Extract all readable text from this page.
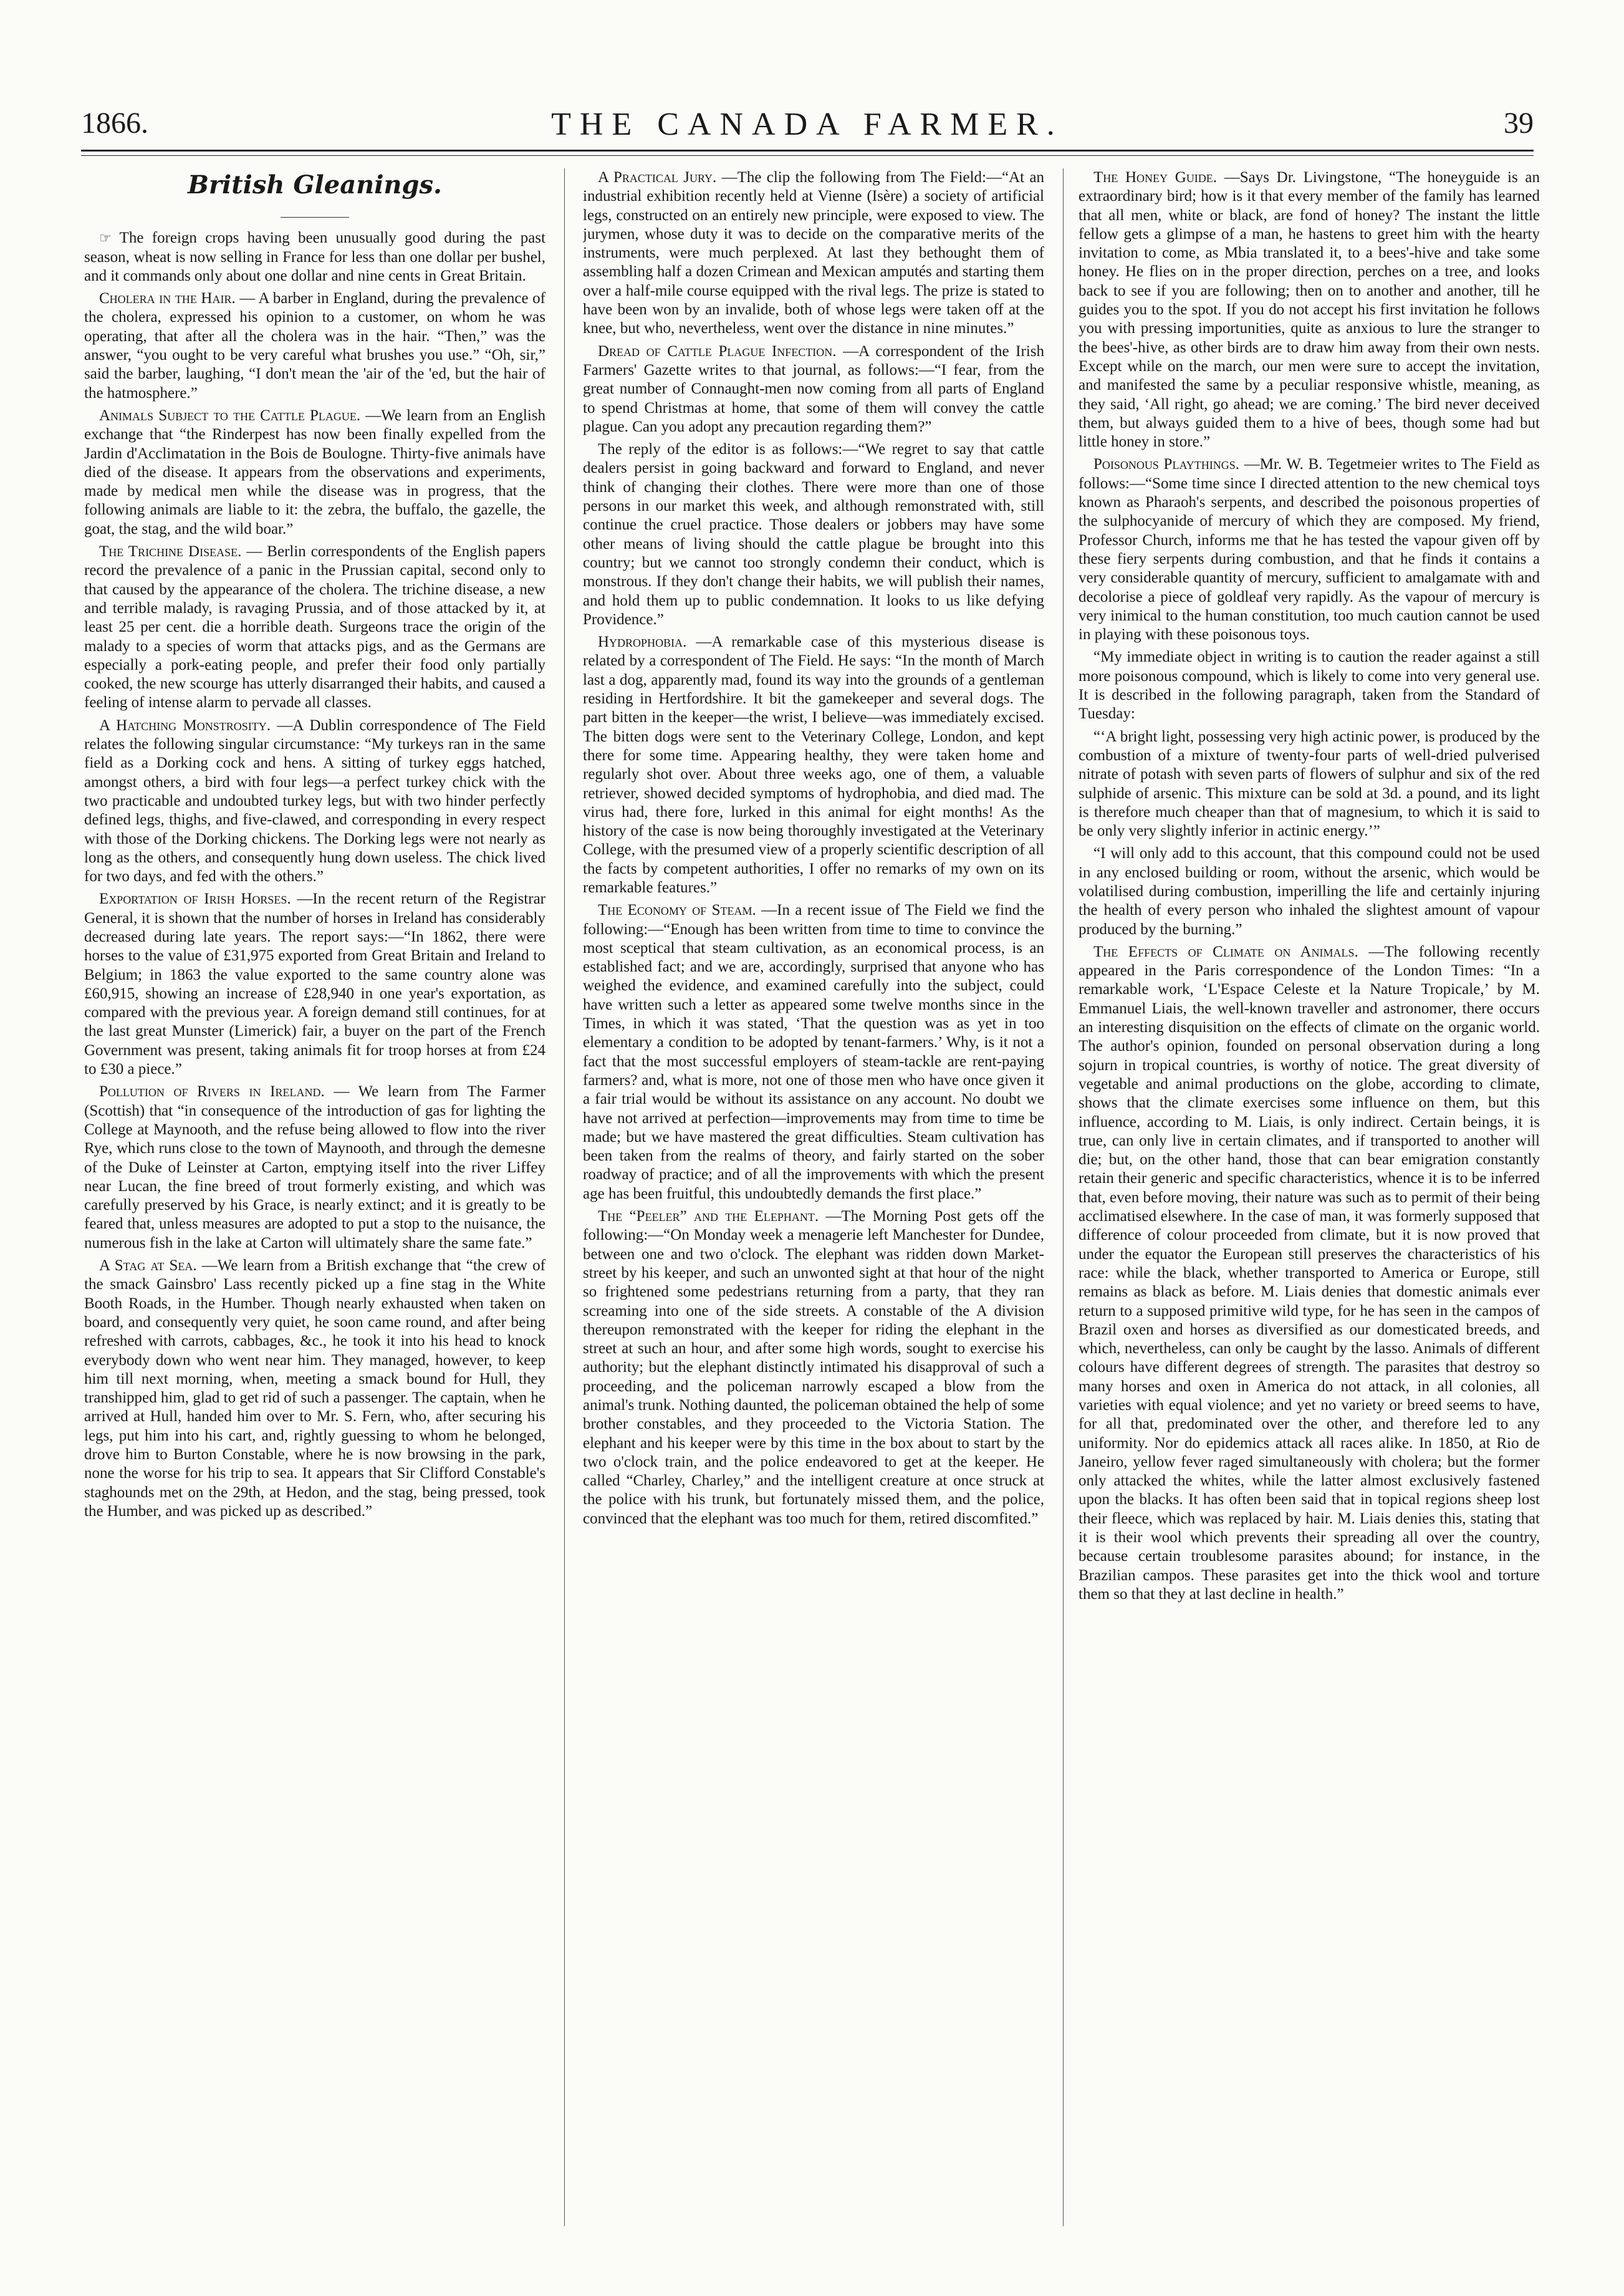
1866.	THE CANADA FARMER.	39
British Gleanings.

☞ The foreign crops having been unusually good during the past season, wheat is now selling in France for less than one dollar per bushel, and it commands only about one dollar and nine cents in Great Britain.

Cholera in the Hair. — A barber in England, during the prevalence of the cholera, expressed his opinion to a customer, on whom he was operating, that after all the cholera was in the hair. “Then,” was the answer, “you ought to be very careful what brushes you use.” “Oh, sir,” said the barber, laughing, “I don't mean the 'air of the 'ed, but the hair of the hatmosphere.”

Animals Subject to the Cattle Plague. —We learn from an English exchange that “the Rinderpest has now been finally expelled from the Jardin d'Acclimatation in the Bois de Boulogne. Thirty-five animals have died of the disease. It appears from the observations and experiments, made by medical men while the disease was in progress, that the following animals are liable to it: the zebra, the buffalo, the gazelle, the goat, the stag, and the wild boar.”

The Trichine Disease. — Berlin correspondents of the English papers record the prevalence of a panic in the Prussian capital, second only to that caused by the appearance of the cholera. The trichine disease, a new and terrible malady, is ravaging Prussia, and of those attacked by it, at least 25 per cent. die a horrible death. Surgeons trace the origin of the malady to a species of worm that attacks pigs, and as the Germans are especially a pork-eating people, and prefer their food only partially cooked, the new scourge has utterly disarranged their habits, and caused a feeling of intense alarm to pervade all classes.

A Hatching Monstrosity. —A Dublin correspondence of The Field relates the following singular circumstance: “My turkeys ran in the same field as a Dorking cock and hens. A sitting of turkey eggs hatched, amongst others, a bird with four legs—a perfect turkey chick with the two practicable and undoubted turkey legs, but with two hinder perfectly defined legs, thighs, and five-clawed, and corresponding in every respect with those of the Dorking chickens. The Dorking legs were not nearly as long as the others, and consequently hung down useless. The chick lived for two days, and fed with the others.”

Exportation of Irish Horses. —In the recent return of the Registrar General, it is shown that the number of horses in Ireland has considerably decreased during late years. The report says:—“In 1862, there were horses to the value of £31,975 exported from Great Britain and Ireland to Belgium; in 1863 the value exported to the same country alone was £60,915, showing an increase of £28,940 in one year's exportation, as compared with the previous year. A foreign demand still continues, for at the last great Munster (Limerick) fair, a buyer on the part of the French Government was present, taking animals fit for troop horses at from £24 to £30 a piece.”

Pollution of Rivers in Ireland. — We learn from The Farmer (Scottish) that “in consequence of the introduction of gas for lighting the College at Maynooth, and the refuse being allowed to flow into the river Rye, which runs close to the town of Maynooth, and through the demesne of the Duke of Leinster at Carton, emptying itself into the river Liffey near Lucan, the fine breed of trout formerly existing, and which was carefully preserved by his Grace, is nearly extinct; and it is greatly to be feared that, unless measures are adopted to put a stop to the nuisance, the numerous fish in the lake at Carton will ultimately share the same fate.”

A Stag at Sea. —We learn from a British exchange that “the crew of the smack Gainsbro' Lass recently picked up a fine stag in the White Booth Roads, in the Humber. Though nearly exhausted when taken on board, and consequently very quiet, he soon came round, and after being refreshed with carrots, cabbages, &c., he took it into his head to knock everybody down who went near him. They managed, however, to keep him till next morning, when, meeting a smack bound for Hull, they transhipped him, glad to get rid of such a passenger. The captain, when he arrived at Hull, handed him over to Mr. S. Fern, who, after securing his legs, put him into his cart, and, rightly guessing to whom he belonged, drove him to Burton Constable, where he is now browsing in the park, none the worse for his trip to sea. It appears that Sir Clifford Constable's staghounds met on the 29th, at Hedon, and the stag, being pressed, took the Humber, and was picked up as described.”

A Practical Jury. —The clip the following from The Field:—“At an industrial exhibition recently held at Vienne (Isère) a society of artificial legs, constructed on an entirely new principle, were exposed to view. The jurymen, whose duty it was to decide on the comparative merits of the instruments, were much perplexed. At last they bethought them of assembling half a dozen Crimean and Mexican amputés and starting them over a half-mile course equipped with the rival legs. The prize is stated to have been won by an invalide, both of whose legs were taken off at the knee, but who, nevertheless, went over the distance in nine minutes.”

Dread of Cattle Plague Infection. —A correspondent of the Irish Farmers' Gazette writes to that journal, as follows:—“I fear, from the great number of Connaught-men now coming from all parts of England to spend Christmas at home, that some of them will convey the cattle plague. Can you adopt any precaution regarding them?”

The reply of the editor is as follows:—“We regret to say that cattle dealers persist in going backward and forward to England, and never think of changing their clothes. There were more than one of those persons in our market this week, and although remonstrated with, still continue the cruel practice. Those dealers or jobbers may have some other means of living should the cattle plague be brought into this country; but we cannot too strongly condemn their conduct, which is monstrous. If they don't change their habits, we will publish their names, and hold them up to public condemnation. It looks to us like defying Providence.”

Hydrophobia. —A remarkable case of this mysterious disease is related by a correspondent of The Field. He says: “In the month of March last a dog, apparently mad, found its way into the grounds of a gentleman residing in Hertfordshire. It bit the gamekeeper and several dogs. The part bitten in the keeper—the wrist, I believe—was immediately excised. The bitten dogs were sent to the Veterinary College, London, and kept there for some time. Appearing healthy, they were taken home and regularly shot over. About three weeks ago, one of them, a valuable retriever, showed decided symptoms of hydrophobia, and died mad. The virus had, there fore, lurked in this animal for eight months! As the history of the case is now being thoroughly investigated at the Veterinary College, with the presumed view of a properly scientific description of all the facts by competent authorities, I offer no remarks of my own on its remarkable features.”

The Economy of Steam. —In a recent issue of The Field we find the following:—“Enough has been written from time to time to convince the most sceptical that steam cultivation, as an economical process, is an established fact; and we are, accordingly, surprised that anyone who has weighed the evidence, and examined carefully into the subject, could have written such a letter as appeared some twelve months since in the Times, in which it was stated, ‘That the question was as yet in too elementary a condition to be adopted by tenant-farmers.’ Why, is it not a fact that the most successful employers of steam-tackle are rent-paying farmers? and, what is more, not one of those men who have once given it a fair trial would be without its assistance on any account. No doubt we have not arrived at perfection—improvements may from time to time be made; but we have mastered the great difficulties. Steam cultivation has been taken from the realms of theory, and fairly started on the sober roadway of practice; and of all the improvements with which the present age has been fruitful, this undoubtedly demands the first place.”

The “Peeler” and the Elephant. —The Morning Post gets off the following:—“On Monday week a menagerie left Manchester for Dundee, between one and two o'clock. The elephant was ridden down Market-street by his keeper, and such an unwonted sight at that hour of the night so frightened some pedestrians returning from a party, that they ran screaming into one of the side streets. A constable of the A division thereupon remonstrated with the keeper for riding the elephant in the street at such an hour, and after some high words, sought to exercise his authority; but the elephant distinctly intimated his disapproval of such a proceeding, and the policeman narrowly escaped a blow from the animal's trunk. Nothing daunted, the policeman obtained the help of some brother constables, and they proceeded to the Victoria Station. The elephant and his keeper were by this time in the box about to start by the two o'clock train, and the police endeavored to get at the keeper. He called “Charley, Charley,” and the intelligent creature at once struck at the police with his trunk, but fortunately missed them, and the police, convinced that the elephant was too much for them, retired discomfited.”

The Honey Guide. —Says Dr. Livingstone, “The honeyguide is an extraordinary bird; how is it that every member of the family has learned that all men, white or black, are fond of honey? The instant the little fellow gets a glimpse of a man, he hastens to greet him with the hearty invitation to come, as Mbia translated it, to a bees'-hive and take some honey. He flies on in the proper direction, perches on a tree, and looks back to see if you are following; then on to another and another, till he guides you to the spot. If you do not accept his first invitation he follows you with pressing importunities, quite as anxious to lure the stranger to the bees'-hive, as other birds are to draw him away from their own nests. Except while on the march, our men were sure to accept the invitation, and manifested the same by a peculiar responsive whistle, meaning, as they said, ‘All right, go ahead; we are coming.’ The bird never deceived them, but always guided them to a hive of bees, though some had but little honey in store.”

Poisonous Playthings. —Mr. W. B. Tegetmeier writes to The Field as follows:—“Some time since I directed attention to the new chemical toys known as Pharaoh's serpents, and described the poisonous properties of the sulphocyanide of mercury of which they are composed. My friend, Professor Church, informs me that he has tested the vapour given off by these fiery serpents during combustion, and that he finds it contains a very considerable quantity of mercury, sufficient to amalgamate with and decolorise a piece of goldleaf very rapidly. As the vapour of mercury is very inimical to the human constitution, too much caution cannot be used in playing with these poisonous toys.

“My immediate object in writing is to caution the reader against a still more poisonous compound, which is likely to come into very general use. It is described in the following paragraph, taken from the Standard of Tuesday:

“‘A bright light, possessing very high actinic power, is produced by the combustion of a mixture of twenty-four parts of well-dried pulverised nitrate of potash with seven parts of flowers of sulphur and six of the red sulphide of arsenic. This mixture can be sold at 3d. a pound, and its light is therefore much cheaper than that of magnesium, to which it is said to be only very slightly inferior in actinic energy.’”

“I will only add to this account, that this compound could not be used in any enclosed building or room, without the arsenic, which would be volatilised during combustion, imperilling the life and certainly injuring the health of every person who inhaled the slightest amount of vapour produced by the burning.”

The Effects of Climate on Animals. —The following recently appeared in the Paris correspondence of the London Times: “In a remarkable work, ‘L'Espace Celeste et la Nature Tropicale,’ by M. Emmanuel Liais, the well-known traveller and astronomer, there occurs an interesting disquisition on the effects of climate on the organic world. The author's opinion, founded on personal observation during a long sojurn in tropical countries, is worthy of notice. The great diversity of vegetable and animal productions on the globe, according to climate, shows that the climate exercises some influence on them, but this influence, according to M. Liais, is only indirect. Certain beings, it is true, can only live in certain climates, and if transported to another will die; but, on the other hand, those that can bear emigration constantly retain their generic and specific characteristics, whence it is to be inferred that, even before moving, their nature was such as to permit of their being acclimatised elsewhere. In the case of man, it was formerly supposed that difference of colour proceeded from climate, but it is now proved that under the equator the European still preserves the characteristics of his race: while the black, whether transported to America or Europe, still remains as black as before. M. Liais denies that domestic animals ever return to a supposed primitive wild type, for he has seen in the campos of Brazil oxen and horses as diversified as our domesticated breeds, and which, nevertheless, can only be caught by the lasso. Animals of different colours have different degrees of strength. The parasites that destroy so many horses and oxen in America do not attack, in all colonies, all varieties with equal violence; and yet no variety or breed seems to have, for all that, predominated over the other, and therefore led to any uniformity. Nor do epidemics attack all races alike. In 1850, at Rio de Janeiro, yellow fever raged simultaneously with cholera; but the former only attacked the whites, while the latter almost exclusively fastened upon the blacks. It has often been said that in topical regions sheep lost their fleece, which was replaced by hair. M. Liais denies this, stating that it is their wool which prevents their spreading all over the country, because certain troublesome parasites abound; for instance, in the Brazilian campos. These parasites get into the thick wool and torture them so that they at last decline in health.”
